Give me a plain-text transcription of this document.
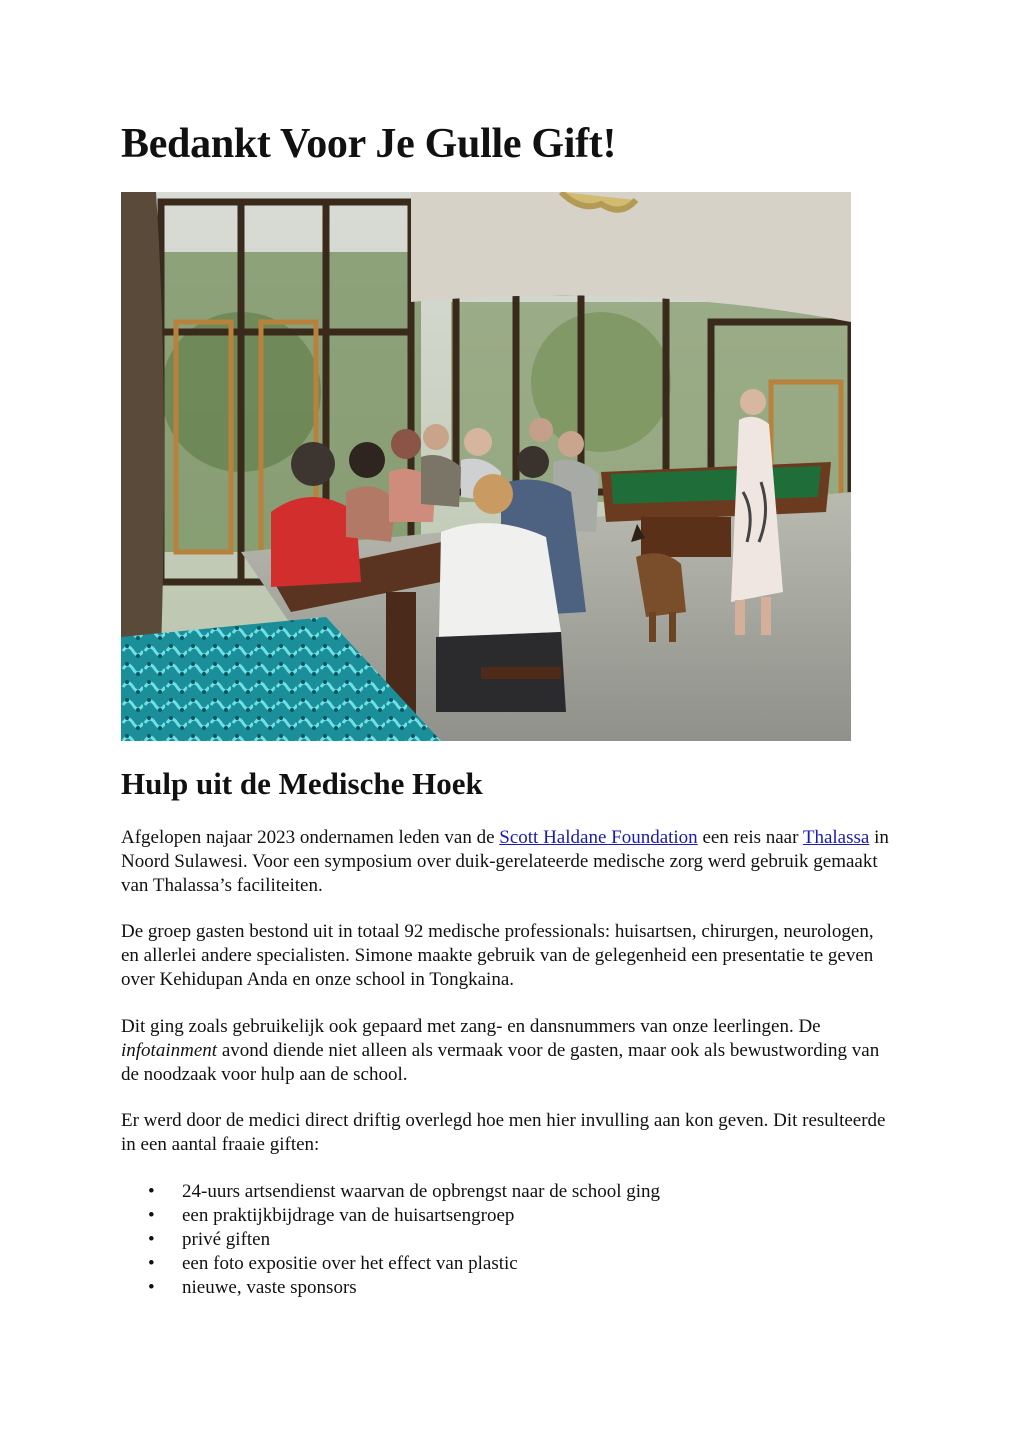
Bedankt Voor Je Gulle Gift!
Hulp uit de Medische Hoek

Afgelopen najaar 2023 ondernamen leden van de Scott Haldane Foundation een reis naar Thalassa in Noord Sulawesi. Voor een symposium over duik-gerelateerde medische zorg werd gebruik gemaakt van Thalassa’s faciliteiten.

De groep gasten bestond uit in totaal 92 medische professionals: huisartsen, chirurgen, neurologen, en allerlei andere specialisten. Simone maakte gebruik van de gelegenheid een presentatie te geven over Kehidupan Anda en onze school in Tongkaina.

Dit ging zoals gebruikelijk ook gepaard met zang- en dansnummers van onze leerlingen. De infotainment avond diende niet alleen als vermaak voor de gasten, maar ook als bewustwording van de noodzaak voor hulp aan de school.

Er werd door de medici direct driftig overlegd hoe men hier invulling aan kon geven. Dit resulteerde in een aantal fraaie giften:

• 24-uurs artsendienst waarvan de opbrengst naar de school ging
• een praktijkbijdrage van de huisartsengroep
• privé giften
• een foto expositie over het effect van plastic
• nieuwe, vaste sponsors
